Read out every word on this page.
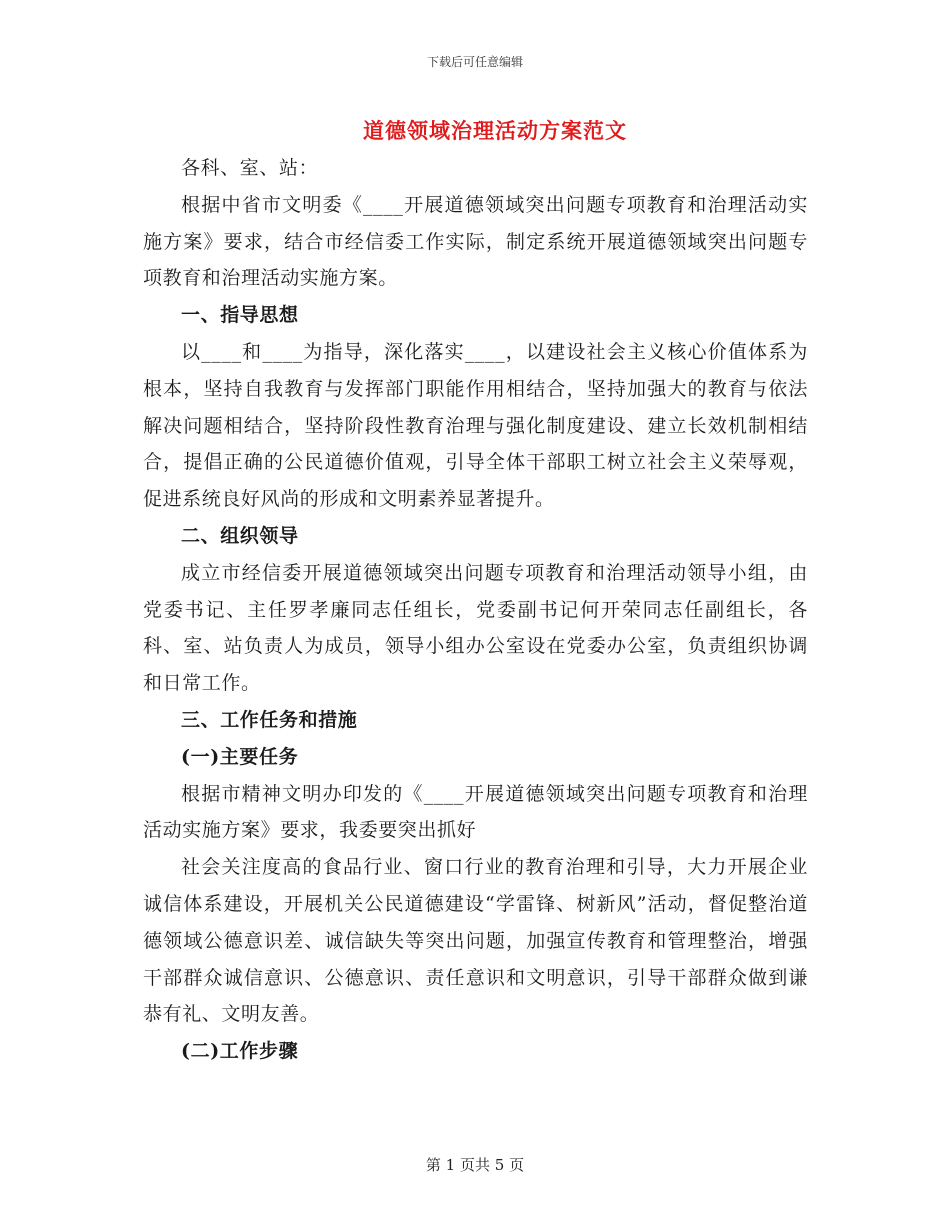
下载后可任意编辑
道德领域治理活动方案范文

各科、室、站：

根据中省市文明委《____开展道德领域突出问题专项教育和治理活动实施方案》要求，结合市经信委工作实际，制定系统开展道德领域突出问题专项教育和治理活动实施方案。

一、指导思想

以____和____为指导，深化落实____，以建设社会主义核心价值体系为根本，坚持自我教育与发挥部门职能作用相结合，坚持加强大的教育与依法解决问题相结合，坚持阶段性教育治理与强化制度建设、建立长效机制相结合，提倡正确的公民道德价值观，引导全体干部职工树立社会主义荣辱观，促进系统良好风尚的形成和文明素养显著提升。

二、组织领导

成立市经信委开展道德领域突出问题专项教育和治理活动领导小组，由党委书记、主任罗孝廉同志任组长，党委副书记何开荣同志任副组长，各科、室、站负责人为成员，领导小组办公室设在党委办公室，负责组织协调和日常工作。

三、工作任务和措施
(一)主要任务

根据市精神文明办印发的《____开展道德领域突出问题专项教育和治理活动实施方案》要求，我委要突出抓好

社会关注度高的食品行业、窗口行业的教育治理和引导，大力开展企业诚信体系建设，开展机关公民道德建设“学雷锋、树新风”活动，督促整治道德领域公德意识差、诚信缺失等突出问题，加强宣传教育和管理整治，增强干部群众诚信意识、公德意识、责任意识和文明意识，引导干部群众做到谦恭有礼、文明友善。

(二)工作步骤
第 1 页共 5 页
